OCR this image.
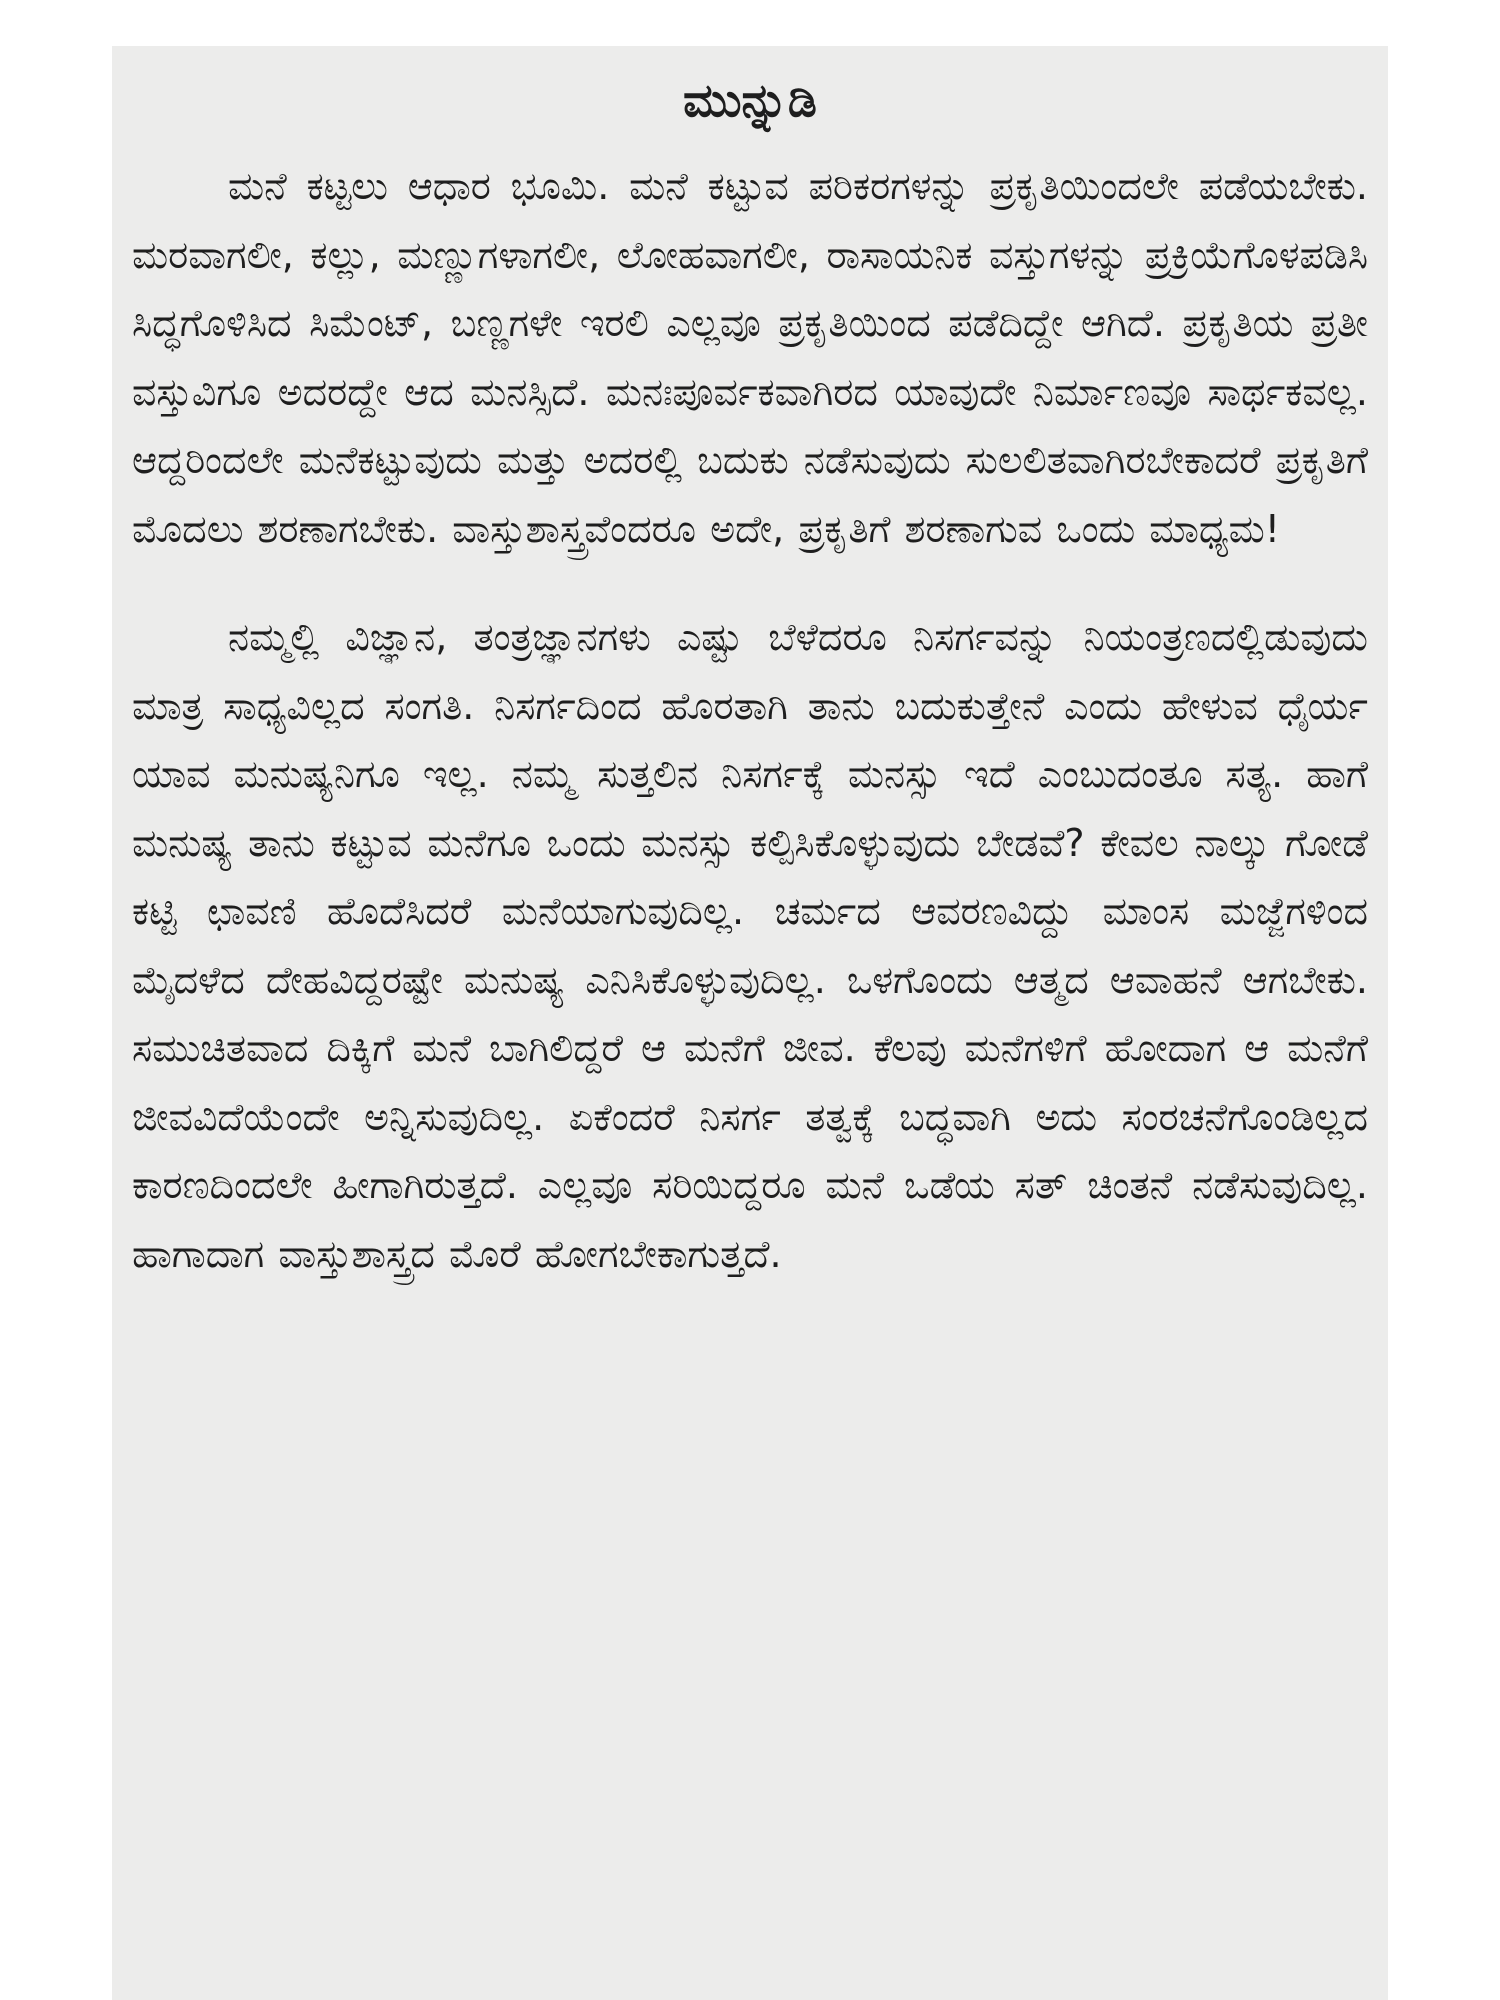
ಮುನ್ನುಡಿ

ಮನೆ ಕಟ್ಟಲು ಆಧಾರ ಭೂಮಿ. ಮನೆ ಕಟ್ಟುವ ಪರಿಕರಗಳನ್ನು ಪ್ರಕೃತಿಯಿಂದಲೇ ಪಡೆಯಬೇಕು. ಮರವಾಗಲೀ, ಕಲ್ಲು, ಮಣ್ಣುಗಳಾಗಲೀ, ಲೋಹವಾಗಲೀ, ರಾಸಾಯನಿಕ ವಸ್ತುಗಳನ್ನು ಪ್ರಕ್ರಿಯೆಗೊಳಪಡಿಸಿ ಸಿದ್ಧಗೊಳಿಸಿದ ಸಿಮೆಂಟ್, ಬಣ್ಣಗಳೇ ಇರಲಿ ಎಲ್ಲವೂ ಪ್ರಕೃತಿಯಿಂದ ಪಡೆದಿದ್ದೇ ಆಗಿದೆ. ಪ್ರಕೃತಿಯ ಪ್ರತೀ ವಸ್ತುವಿಗೂ ಅದರದ್ದೇ ಆದ ಮನಸ್ಸಿದೆ. ಮನಃಪೂರ್ವಕವಾಗಿರದ ಯಾವುದೇ ನಿರ್ಮಾಣವೂ ಸಾರ್ಥಕವಲ್ಲ. ಆದ್ದರಿಂದಲೇ ಮನೆಕಟ್ಟುವುದು ಮತ್ತು ಅದರಲ್ಲಿ ಬದುಕು ನಡೆಸುವುದು ಸುಲಲಿತವಾಗಿರಬೇಕಾದರೆ ಪ್ರಕೃತಿಗೆ ಮೊದಲು ಶರಣಾಗಬೇಕು. ವಾಸ್ತುಶಾಸ್ತ್ರವೆಂದರೂ ಅದೇ, ಪ್ರಕೃತಿಗೆ ಶರಣಾಗುವ ಒಂದು ಮಾಧ್ಯಮ!

ನಮ್ಮಲ್ಲಿ ವಿಜ್ಞಾನ, ತಂತ್ರಜ್ಞಾನಗಳು ಎಷ್ಟು ಬೆಳೆದರೂ ನಿಸರ್ಗವನ್ನು ನಿಯಂತ್ರಣದಲ್ಲಿಡುವುದು ಮಾತ್ರ ಸಾಧ್ಯವಿಲ್ಲದ ಸಂಗತಿ. ನಿಸರ್ಗದಿಂದ ಹೊರತಾಗಿ ತಾನು ಬದುಕುತ್ತೇನೆ ಎಂದು ಹೇಳುವ ಧೈರ್ಯ ಯಾವ ಮನುಷ್ಯನಿಗೂ ಇಲ್ಲ. ನಮ್ಮ ಸುತ್ತಲಿನ ನಿಸರ್ಗಕ್ಕೆ ಮನಸ್ಸು ಇದೆ ಎಂಬುದಂತೂ ಸತ್ಯ. ಹಾಗೆ ಮನುಷ್ಯ ತಾನು ಕಟ್ಟುವ ಮನೆಗೂ ಒಂದು ಮನಸ್ಸು ಕಲ್ಪಿಸಿಕೊಳ್ಳುವುದು ಬೇಡವೆ? ಕೇವಲ ನಾಲ್ಕು ಗೋಡೆ ಕಟ್ಟಿ ಛಾವಣಿ ಹೊದೆಸಿದರೆ ಮನೆಯಾಗುವುದಿಲ್ಲ. ಚರ್ಮದ ಆವರಣವಿದ್ದು ಮಾಂಸ ಮಜ್ಜೆಗಳಿಂದ ಮೈದಳೆದ ದೇಹವಿದ್ದರಷ್ಟೇ ಮನುಷ್ಯ ಎನಿಸಿಕೊಳ್ಳುವುದಿಲ್ಲ. ಒಳಗೊಂದು ಆತ್ಮದ ಆವಾಹನೆ ಆಗಬೇಕು. ಸಮುಚಿತವಾದ ದಿಕ್ಕಿಗೆ ಮನೆ ಬಾಗಿಲಿದ್ದರೆ ಆ ಮನೆಗೆ ಜೀವ. ಕೆಲವು ಮನೆಗಳಿಗೆ ಹೋದಾಗ ಆ ಮನೆಗೆ ಜೀವವಿದೆಯೆಂದೇ ಅನ್ನಿಸುವುದಿಲ್ಲ. ಏಕೆಂದರೆ ನಿಸರ್ಗ ತತ್ವಕ್ಕೆ ಬದ್ಧವಾಗಿ ಅದು ಸಂರಚನೆಗೊಂಡಿಲ್ಲದ ಕಾರಣದಿಂದಲೇ ಹೀಗಾಗಿರುತ್ತದೆ. ಎಲ್ಲವೂ ಸರಿಯಿದ್ದರೂ ಮನೆ ಒಡೆಯ ಸತ್ ಚಿಂತನೆ ನಡೆಸುವುದಿಲ್ಲ. ಹಾಗಾದಾಗ ವಾಸ್ತುಶಾಸ್ತ್ರದ ಮೊರೆ ಹೋಗಬೇಕಾಗುತ್ತದೆ.
